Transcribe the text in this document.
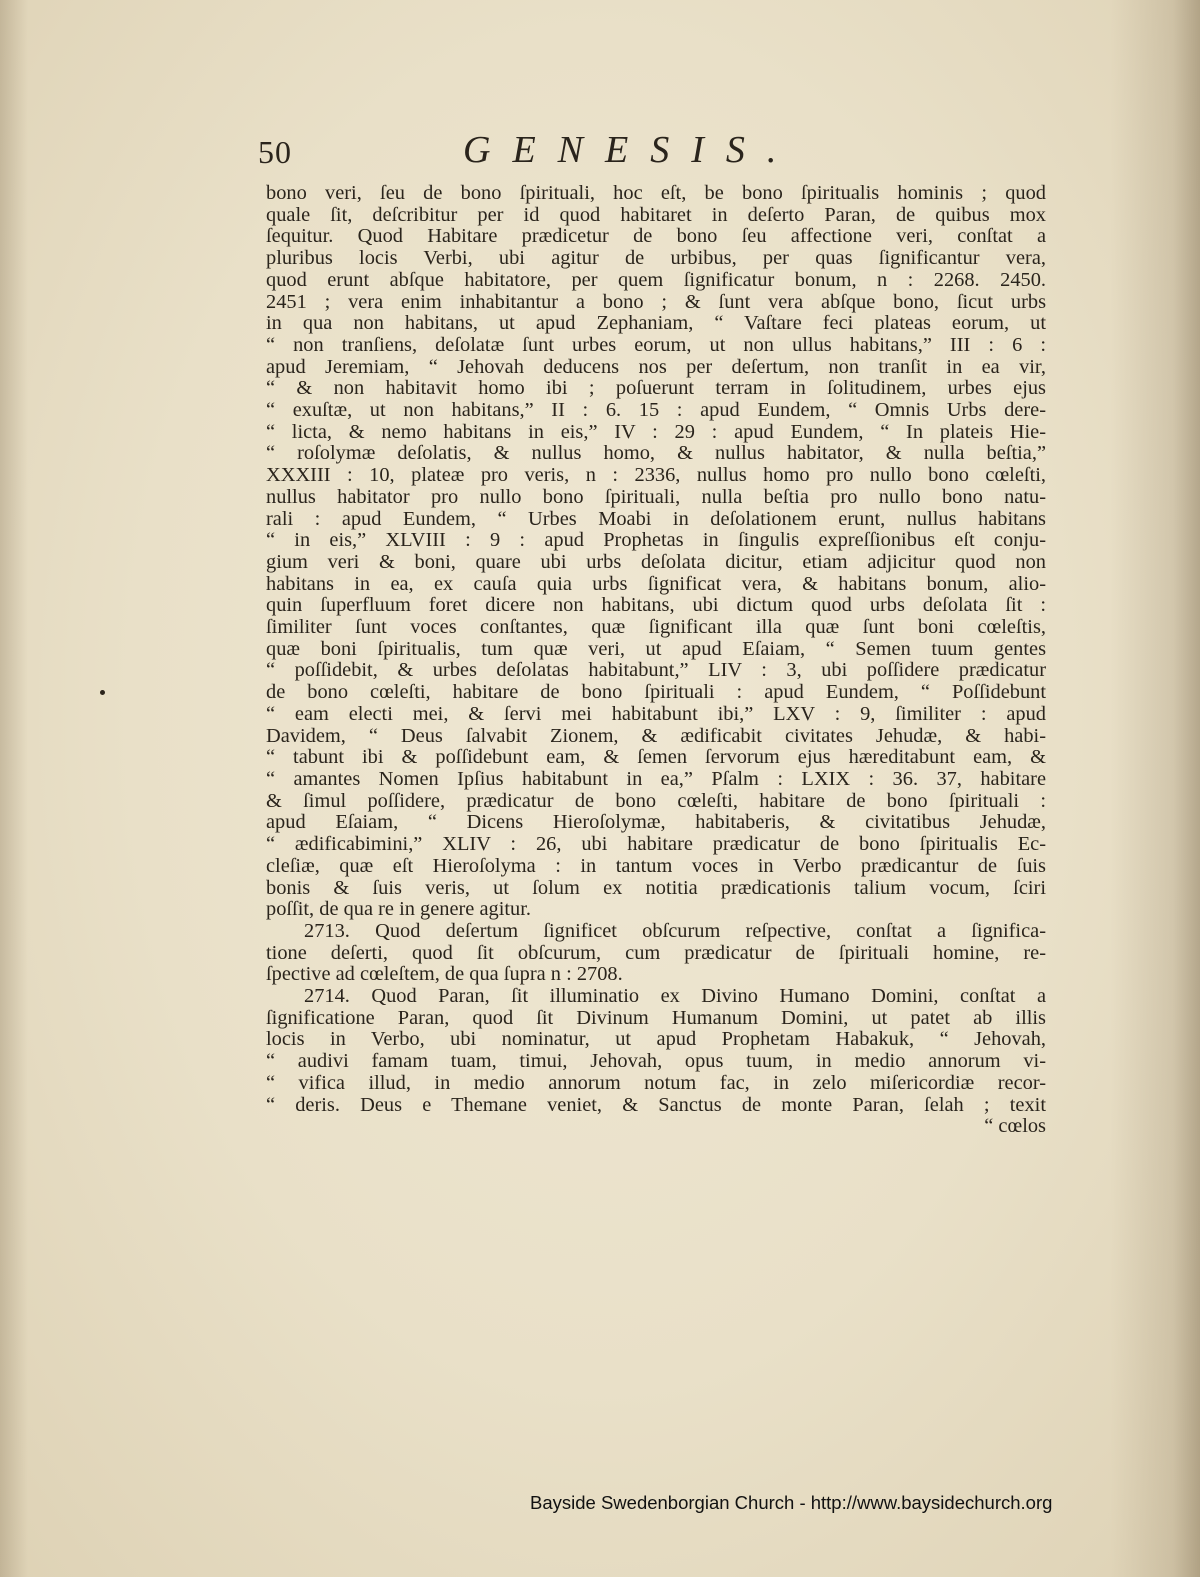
50	GENESIS.
bono veri, ſeu de bono ſpirituali, hoc eſt, be bono ſpiritualis hominis ; quod
quale ſit, deſcribitur per id quod habitaret in deſerto Paran, de quibus mox
ſequitur. Quod Habitare prædicetur de bono ſeu affectione veri, conſtat a
pluribus locis Verbi, ubi agitur de urbibus, per quas ſignificantur vera,
quod erunt abſque habitatore, per quem ſignificatur bonum, n : 2268. 2450.
2451 ; vera enim inhabitantur a bono ; & ſunt vera abſque bono, ſicut urbs
in qua non habitans, ut apud Zephaniam, “ Vaſtare feci plateas eorum, ut
“ non tranſiens, deſolatæ ſunt urbes eorum, ut non ullus habitans,” III : 6 :
apud Jeremiam, “ Jehovah deducens nos per deſertum, non tranſit in ea vir,
“ & non habitavit homo ibi ; poſuerunt terram in ſolitudinem, urbes ejus
“ exuſtæ, ut non habitans,” II : 6. 15 : apud Eundem, “ Omnis Urbs dere-
“ licta, & nemo habitans in eis,” IV : 29 : apud Eundem, “ In plateis Hie-
“ roſolymæ deſolatis, & nullus homo, & nullus habitator, & nulla beſtia,”
XXXIII : 10, plateæ pro veris, n : 2336, nullus homo pro nullo bono cœleſti,
nullus habitator pro nullo bono ſpirituali, nulla beſtia pro nullo bono natu-
rali : apud Eundem, “ Urbes Moabi in deſolationem erunt, nullus habitans
“ in eis,” XLVIII : 9 : apud Prophetas in ſingulis expreſſionibus eſt conju-
gium veri & boni, quare ubi urbs deſolata dicitur, etiam adjicitur quod non
habitans in ea, ex cauſa quia urbs ſignificat vera, & habitans bonum, alio-
quin ſuperfluum foret dicere non habitans, ubi dictum quod urbs deſolata ſit :
ſimiliter ſunt voces conſtantes, quæ ſignificant illa quæ ſunt boni cœleſtis,
quæ boni ſpiritualis, tum quæ veri, ut apud Eſaiam, “ Semen tuum gentes
“ poſſidebit, & urbes deſolatas habitabunt,” LIV : 3, ubi poſſidere prædicatur
de bono cœleſti, habitare de bono ſpirituali : apud Eundem, “ Poſſidebunt
“ eam electi mei, & ſervi mei habitabunt ibi,” LXV : 9, ſimiliter : apud
Davidem, “ Deus ſalvabit Zionem, & ædificabit civitates Jehudæ, & habi-
“ tabunt ibi & poſſidebunt eam, & ſemen ſervorum ejus hæreditabunt eam, &
“ amantes Nomen Ipſius habitabunt in ea,” Pſalm : LXIX : 36. 37, habitare
& ſimul poſſidere, prædicatur de bono cœleſti, habitare de bono ſpirituali :
apud Eſaiam, “ Dicens Hieroſolymæ, habitaberis, & civitatibus Jehudæ,
“ ædificabimini,” XLIV : 26, ubi habitare prædicatur de bono ſpiritualis Ec-
cleſiæ, quæ eſt Hieroſolyma : in tantum voces in Verbo prædicantur de ſuis
bonis & ſuis veris, ut ſolum ex notitia prædicationis talium vocum, ſciri
poſſit, de qua re in genere agitur.
2713. Quod deſertum ſignificet obſcurum reſpective, conſtat a ſignifica-
tione deſerti, quod ſit obſcurum, cum prædicatur de ſpirituali homine, re-
ſpective ad cœleſtem, de qua ſupra n : 2708.
2714. Quod Paran, ſit illuminatio ex Divino Humano Domini, conſtat a
ſignificatione Paran, quod ſit Divinum Humanum Domini, ut patet ab illis
locis in Verbo, ubi nominatur, ut apud Prophetam Habakuk, “ Jehovah,
“ audivi famam tuam, timui, Jehovah, opus tuum, in medio annorum vi-
“ vifica illud, in medio annorum notum fac, in zelo miſericordiæ recor-
“ deris. Deus e Themane veniet, & Sanctus de monte Paran, ſelah ; texit
“ cœlos
Bayside Swedenborgian Church - http://www.baysidechurch.org
